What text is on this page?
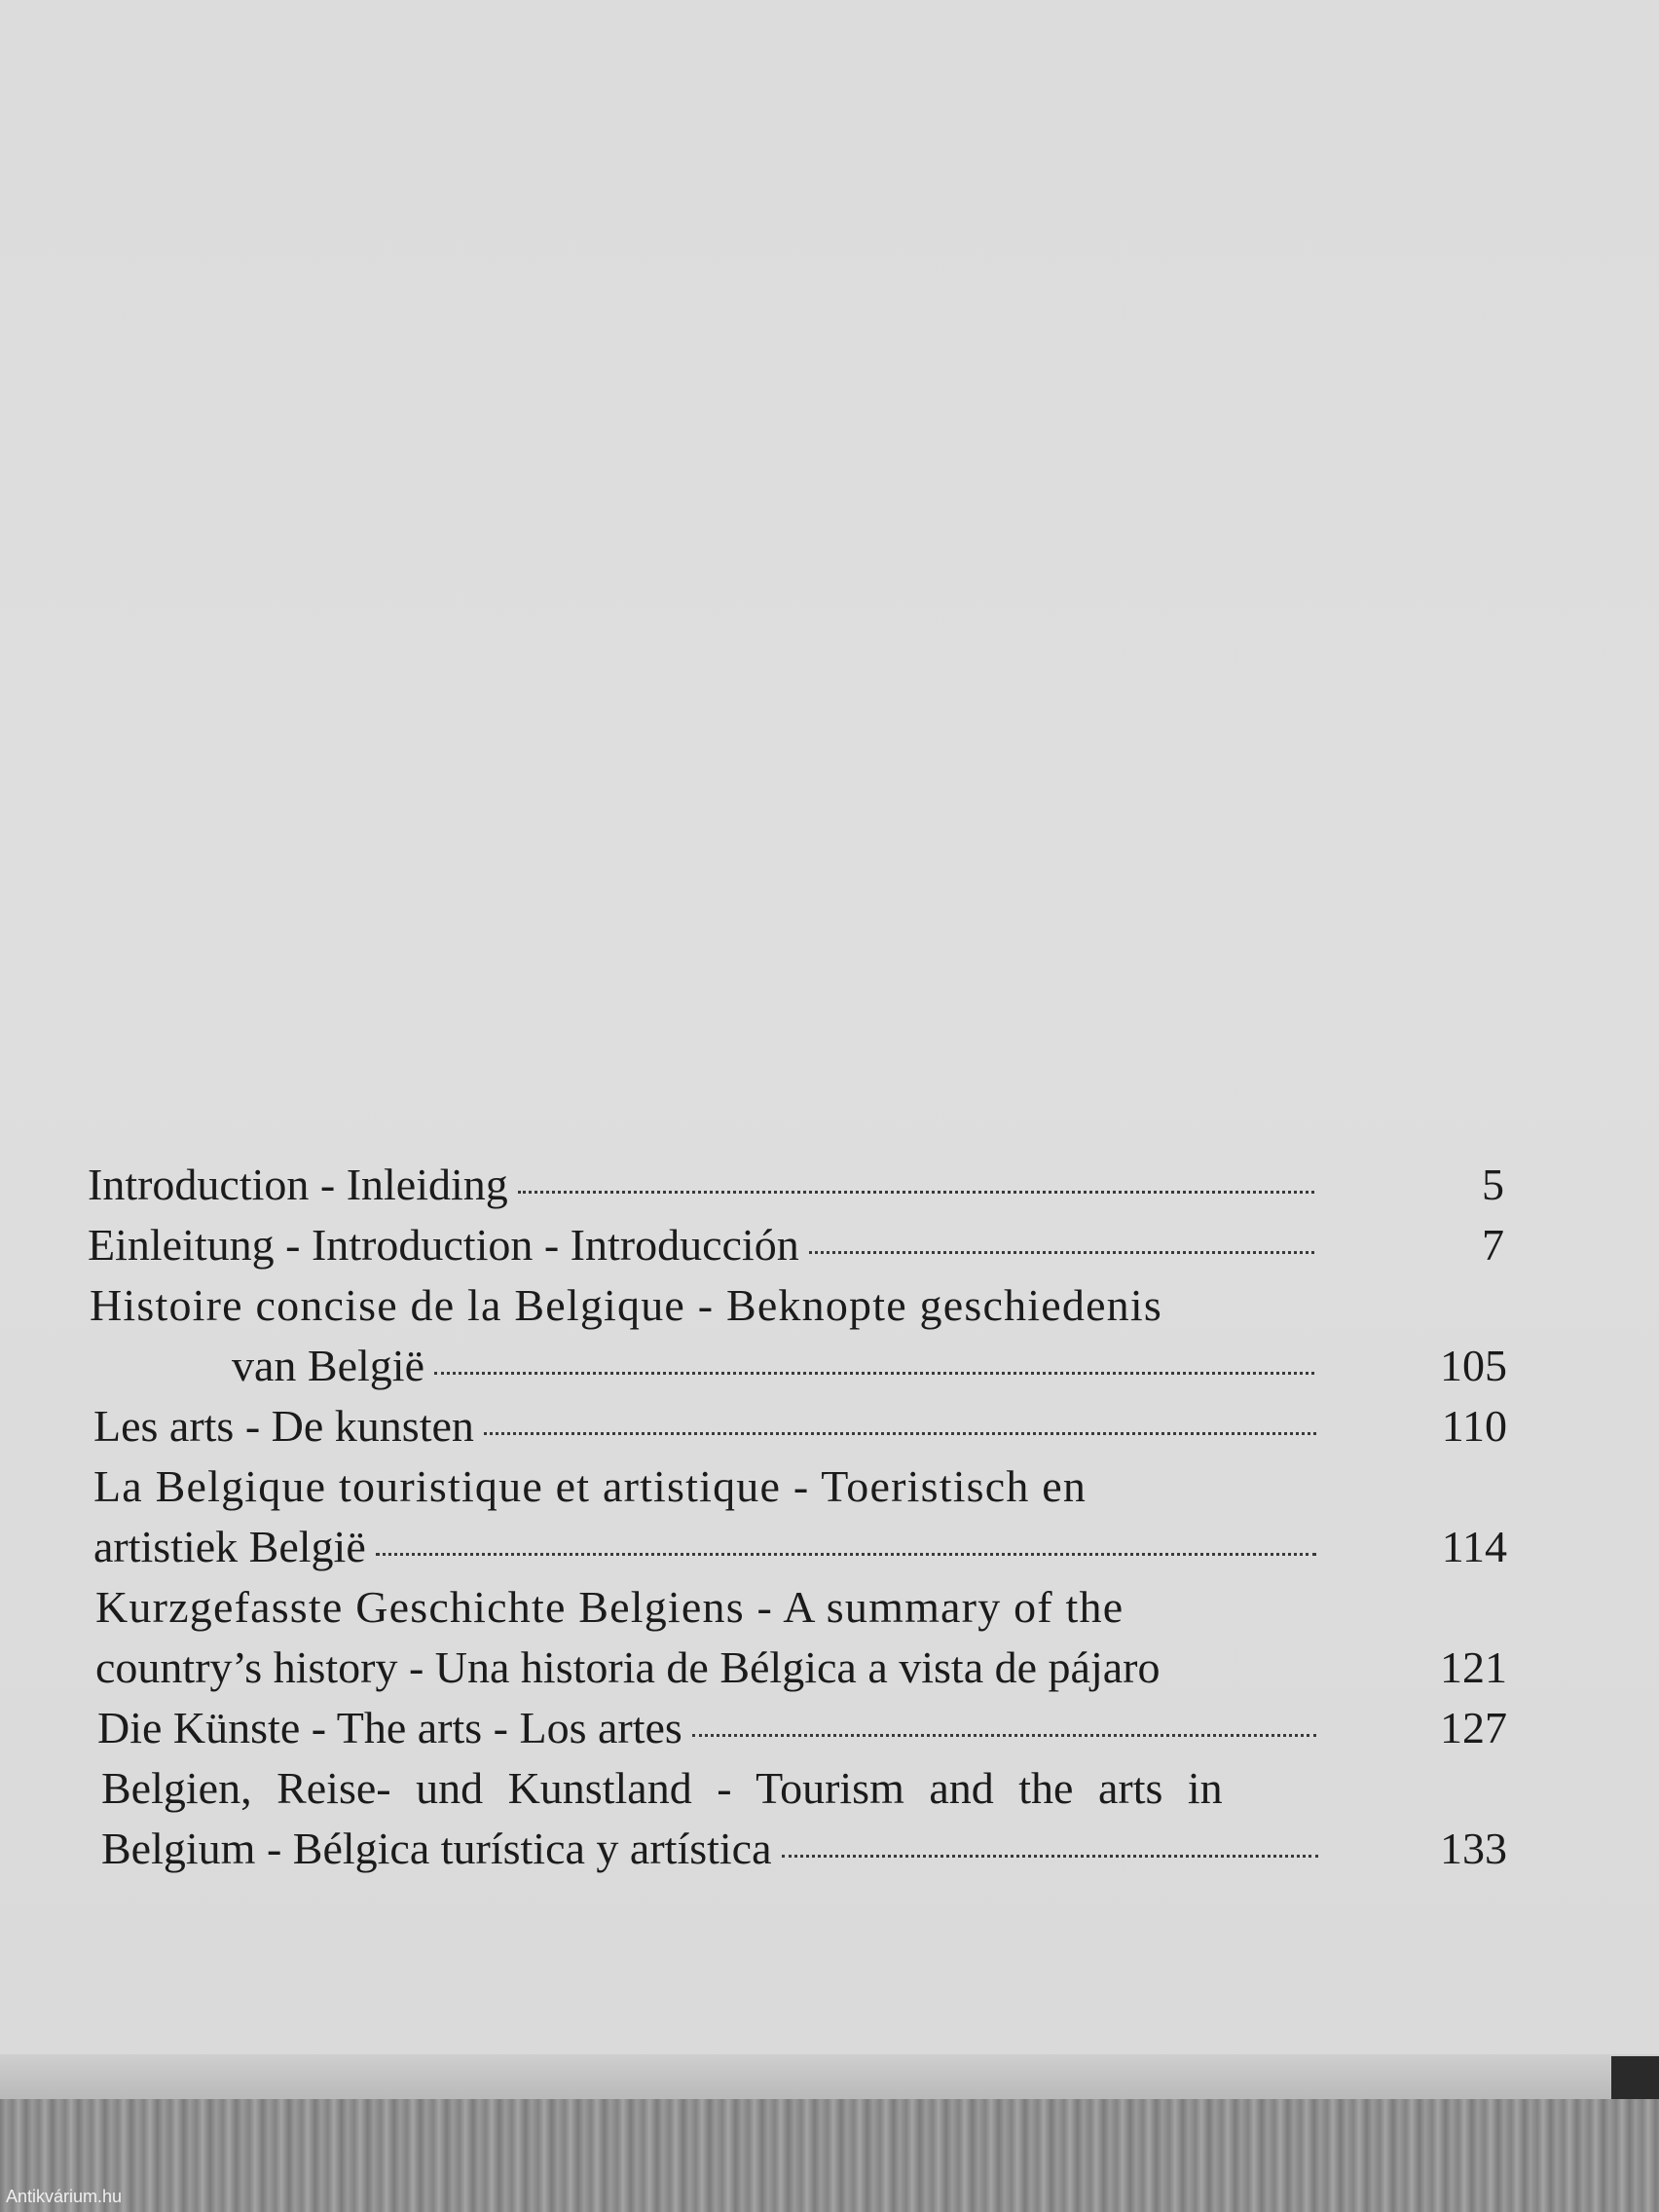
Introduction - Inleiding	5
Einleitung - Introduction - Introducción	7
Histoire concise de la Belgique - Beknopte geschiedenis
van België	105
Les arts - De kunsten	110
La Belgique touristique et artistique - Toeristisch en
artistiek België	114
Kurzgefasste Geschichte Belgiens - A summary of the
country’s history - Una historia de Bélgica a vista de pájaro	121
Die Künste - The arts - Los artes	127
Belgien, Reise- und Kunstland - Tourism and the arts in
Belgium - Bélgica turística y artística	133
Antikvárium.hu
